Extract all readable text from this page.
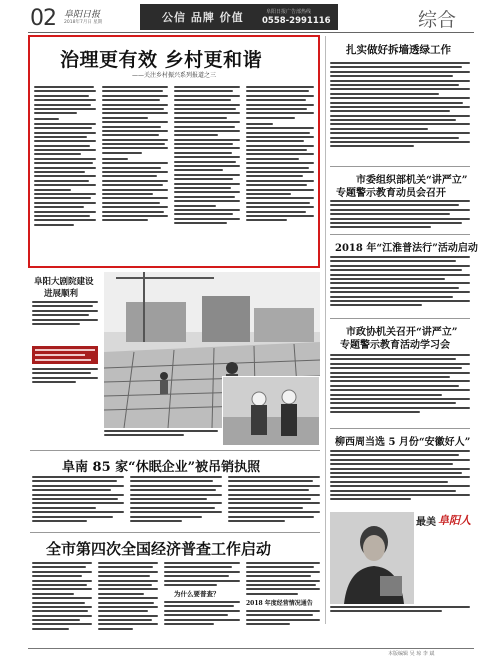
02 阜阳日报
2018年7月日 星期	公信 品牌 价值	阜阳日报广告部热线
0558-2991116	综合
治理更有效 乡村更和谐
——关注乡村振兴系列报道之三
扎实做好拆墙透绿工作
市委组织部机关“讲严立”
专题警示教育动员会召开
2018 年“江淮普法行”活动启动
市政协机关召开“讲严立”
专题警示教育活动学习会
柳西周当选 5 月份“安徽好人”
最美 阜阳人
阜阳大剧院建设
进展顺利
阜南 85 家“休眠企业”被吊销执照
全市第四次全国经济普查工作启动
为什么要普查？
2018 年度经营情况通告
本版编辑 吴 琼 李 斌
